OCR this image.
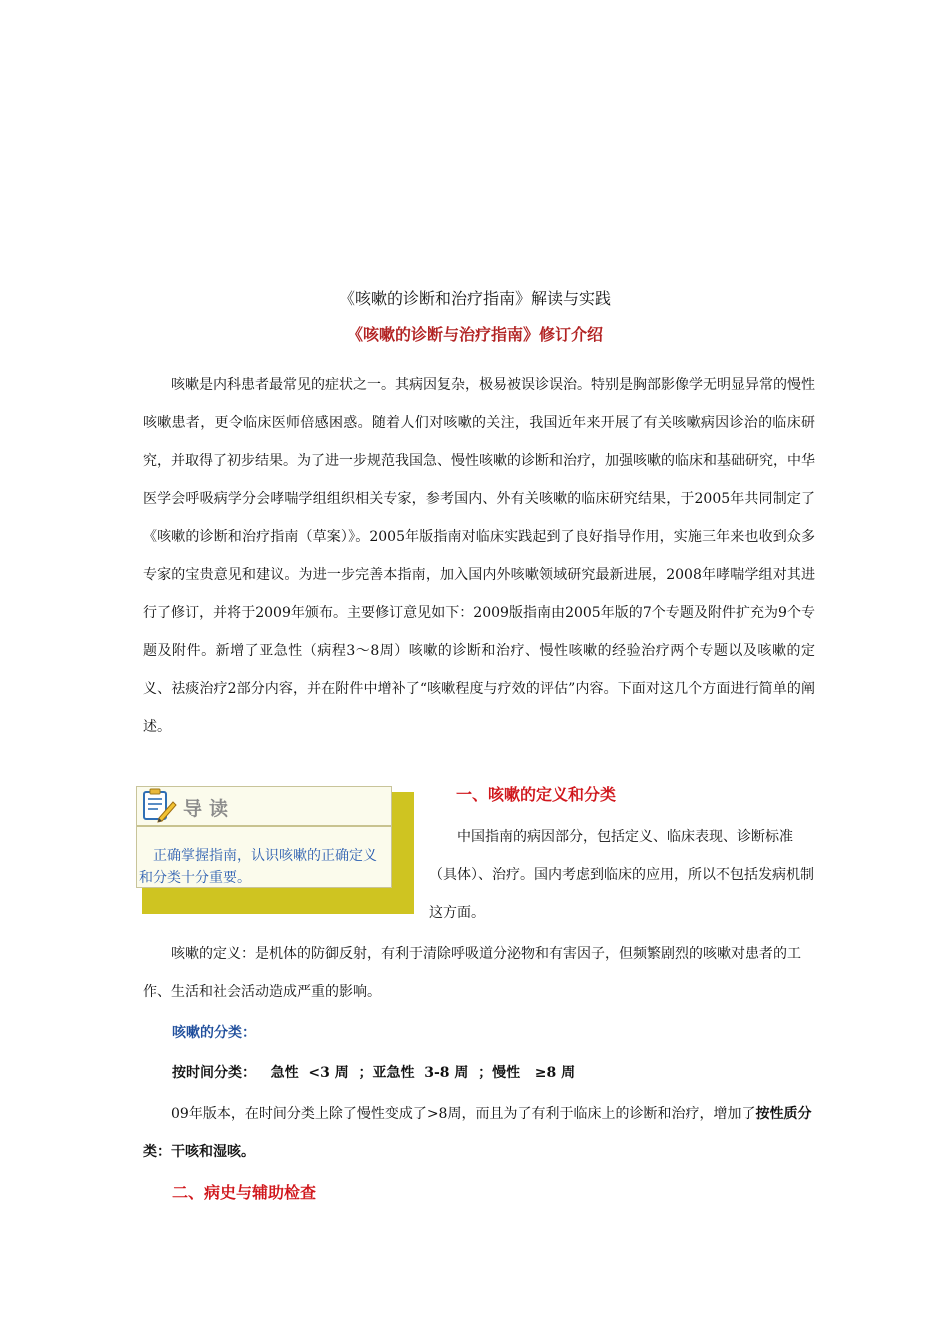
《咳嗽的诊断和治疗指南》解读与实践
《咳嗽的诊断与治疗指南》修订介绍

咳嗽是内科患者最常见的症状之一。其病因复杂，极易被误诊误治。特别是胸部影像学无明显异常的慢性咳嗽患者，更令临床医师倍感困惑。随着人们对咳嗽的关注，我国近年来开展了有关咳嗽病因诊治的临床研究，并取得了初步结果。为了进一步规范我国急、慢性咳嗽的诊断和治疗，加强咳嗽的临床和基础研究，中华医学会呼吸病学分会哮喘学组组织相关专家，参考国内、外有关咳嗽的临床研究结果，于2005年共同制定了《咳嗽的诊断和治疗指南（草案）》。2005年版指南对临床实践起到了良好指导作用，实施三年来也收到众多专家的宝贵意见和建议。为进一步完善本指南，加入国内外咳嗽领域研究最新进展，2008年哮喘学组对其进行了修订，并将于2009年颁布。主要修订意见如下：2009版指南由2005年版的7个专题及附件扩充为9个专题及附件。新增了亚急性（病程3～8周）咳嗽的诊断和治疗、慢性咳嗽的经验治疗两个专题以及咳嗽的定义、祛痰治疗2部分内容，并在附件中增补了“咳嗽程度与疗效的评估”内容。下面对这几个方面进行简单的阐述。

导读

正确掌握指南，认识咳嗽的正确定义和分类十分重要。

一、咳嗽的定义和分类

中国指南的病因部分，包括定义、临床表现、诊断标准（具体）、治疗。国内考虑到临床的应用，所以不包括发病机制这方面。

咳嗽的定义：是机体的防御反射，有利于清除呼吸道分泌物和有害因子，但频繁剧烈的咳嗽对患者的工作、生活和社会活动造成严重的影响。

咳嗽的分类：
按时间分类：   急性  <3 周  ；亚急性  3-8 周  ；慢性   ≥8 周

09年版本，在时间分类上除了慢性变成了>8周，而且为了有利于临床上的诊断和治疗，增加了按性质分类：干咳和湿咳。

二、病史与辅助检查
